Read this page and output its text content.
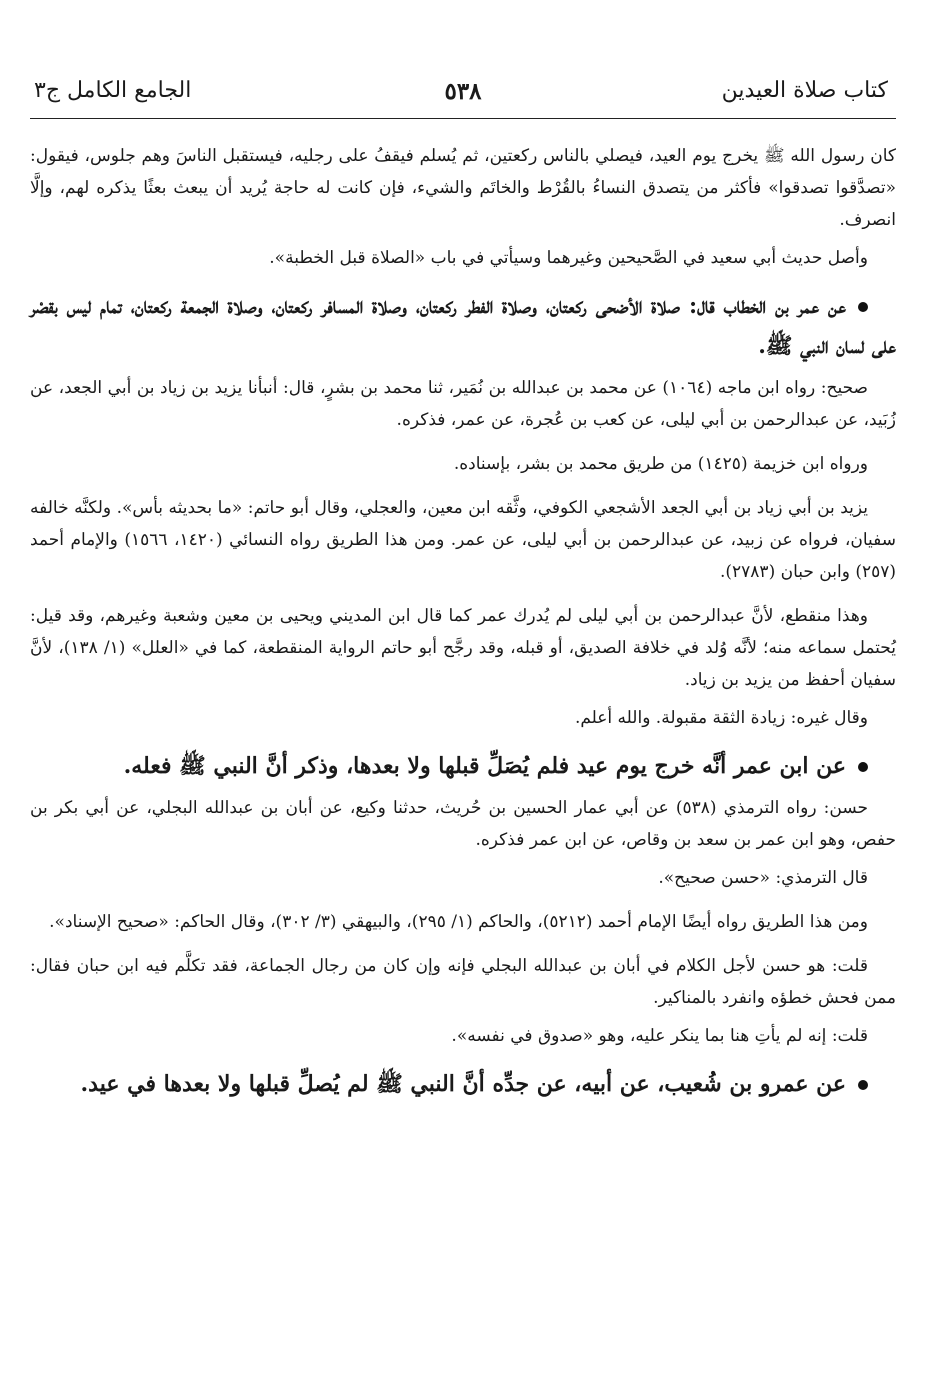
كتاب صلاة العيدين
٥٣٨
الجامع الكامل ج٣

كان رسول الله ﷺ يخرج يوم العيد، فيصلي بالناس ركعتين، ثم يُسلم فيقفُ على رجليه، فيستقبل الناسَ وهم جلوس، فيقول: «تصدَّقوا تصدقوا» فأكثر من يتصدق النساءُ بالقُرْط والخاتَم والشيء، فإن كانت له حاجة يُريد أن يبعث بعثًا يذكره لهم، وإلَّا انصرف.

وأصل حديث أبي سعيد في الصَّحيحين وغيرهما وسيأتي في باب «الصلاة قبل الخطبة».

عن عمر بن الخطاب قال: صلاة الأضحى ركعتان، وصلاة الفطر ركعتان، وصلاة المسافر ركعتان، وصلاة الجمعة ركعتان، تمام ليس بقصْر على لسان النبي ﷺ.

صحيح: رواه ابن ماجه (١٠٦٤) عن محمد بن عبدالله بن نُمَير، ثنا محمد بن بشرٍ، قال: أنبأنا يزيد بن زياد بن أبي الجعد، عن زُبَيد، عن عبدالرحمن بن أبي ليلى، عن كعب بن عُجرة، عن عمر، فذكره.

ورواه ابن خزيمة (١٤٢٥) من طريق محمد بن بشر، بإسناده.

يزيد بن أبي زياد بن أبي الجعد الأشجعي الكوفي، وثَّقه ابن معين، والعجلي، وقال أبو حاتم: «ما بحديثه بأس». ولكنَّه خالفه سفيان، فرواه عن زبيد، عن عبدالرحمن بن أبي ليلى، عن عمر. ومن هذا الطريق رواه النسائي (١٤٢٠، ١٥٦٦) والإمام أحمد (٢٥٧) وابن حبان (٢٧٨٣).

وهذا منقطع، لأنَّ عبدالرحمن بن أبي ليلى لم يُدرك عمر كما قال ابن المديني ويحيى بن معين وشعبة وغيرهم، وقد قيل: يُحتمل سماعه منه؛ لأنَّه وُلد في خلافة الصديق، أو قبله، وقد رجَّح أبو حاتم الرواية المنقطعة، كما في «العلل» (١/ ١٣٨)، لأنَّ سفيان أحفظ من يزيد بن زياد.

وقال غيره: زيادة الثقة مقبولة. والله أعلم.

عن ابن عمر أنَّه خرج يوم عيد فلم يُصَلِّ قبلها ولا بعدها، وذكر أنَّ النبي ﷺ فعله.

حسن: رواه الترمذي (٥٣٨) عن أبي عمار الحسين بن حُريث، حدثنا وكيع، عن أبان بن عبدالله البجلي، عن أبي بكر بن حفص، وهو ابن عمر بن سعد بن وقاص، عن ابن عمر فذكره.

قال الترمذي: «حسن صحيح».

ومن هذا الطريق رواه أيضًا الإمام أحمد (٥٢١٢)، والحاكم (١/ ٢٩٥)، والبيهقي (٣/ ٣٠٢)، وقال الحاكم: «صحيح الإسناد».

قلت: هو حسن لأجل الكلام في أبان بن عبدالله البجلي فإنه وإن كان من رجال الجماعة، فقد تكلَّم فيه ابن حبان فقال: ممن فحش خطؤه وانفرد بالمناكير.

قلت: إنه لم يأتِ هنا بما ينكر عليه، وهو «صدوق في نفسه».

عن عمرو بن شُعيب، عن أبيه، عن جدِّه أنَّ النبي ﷺ لم يُصلِّ قبلها ولا بعدها في عيد.
